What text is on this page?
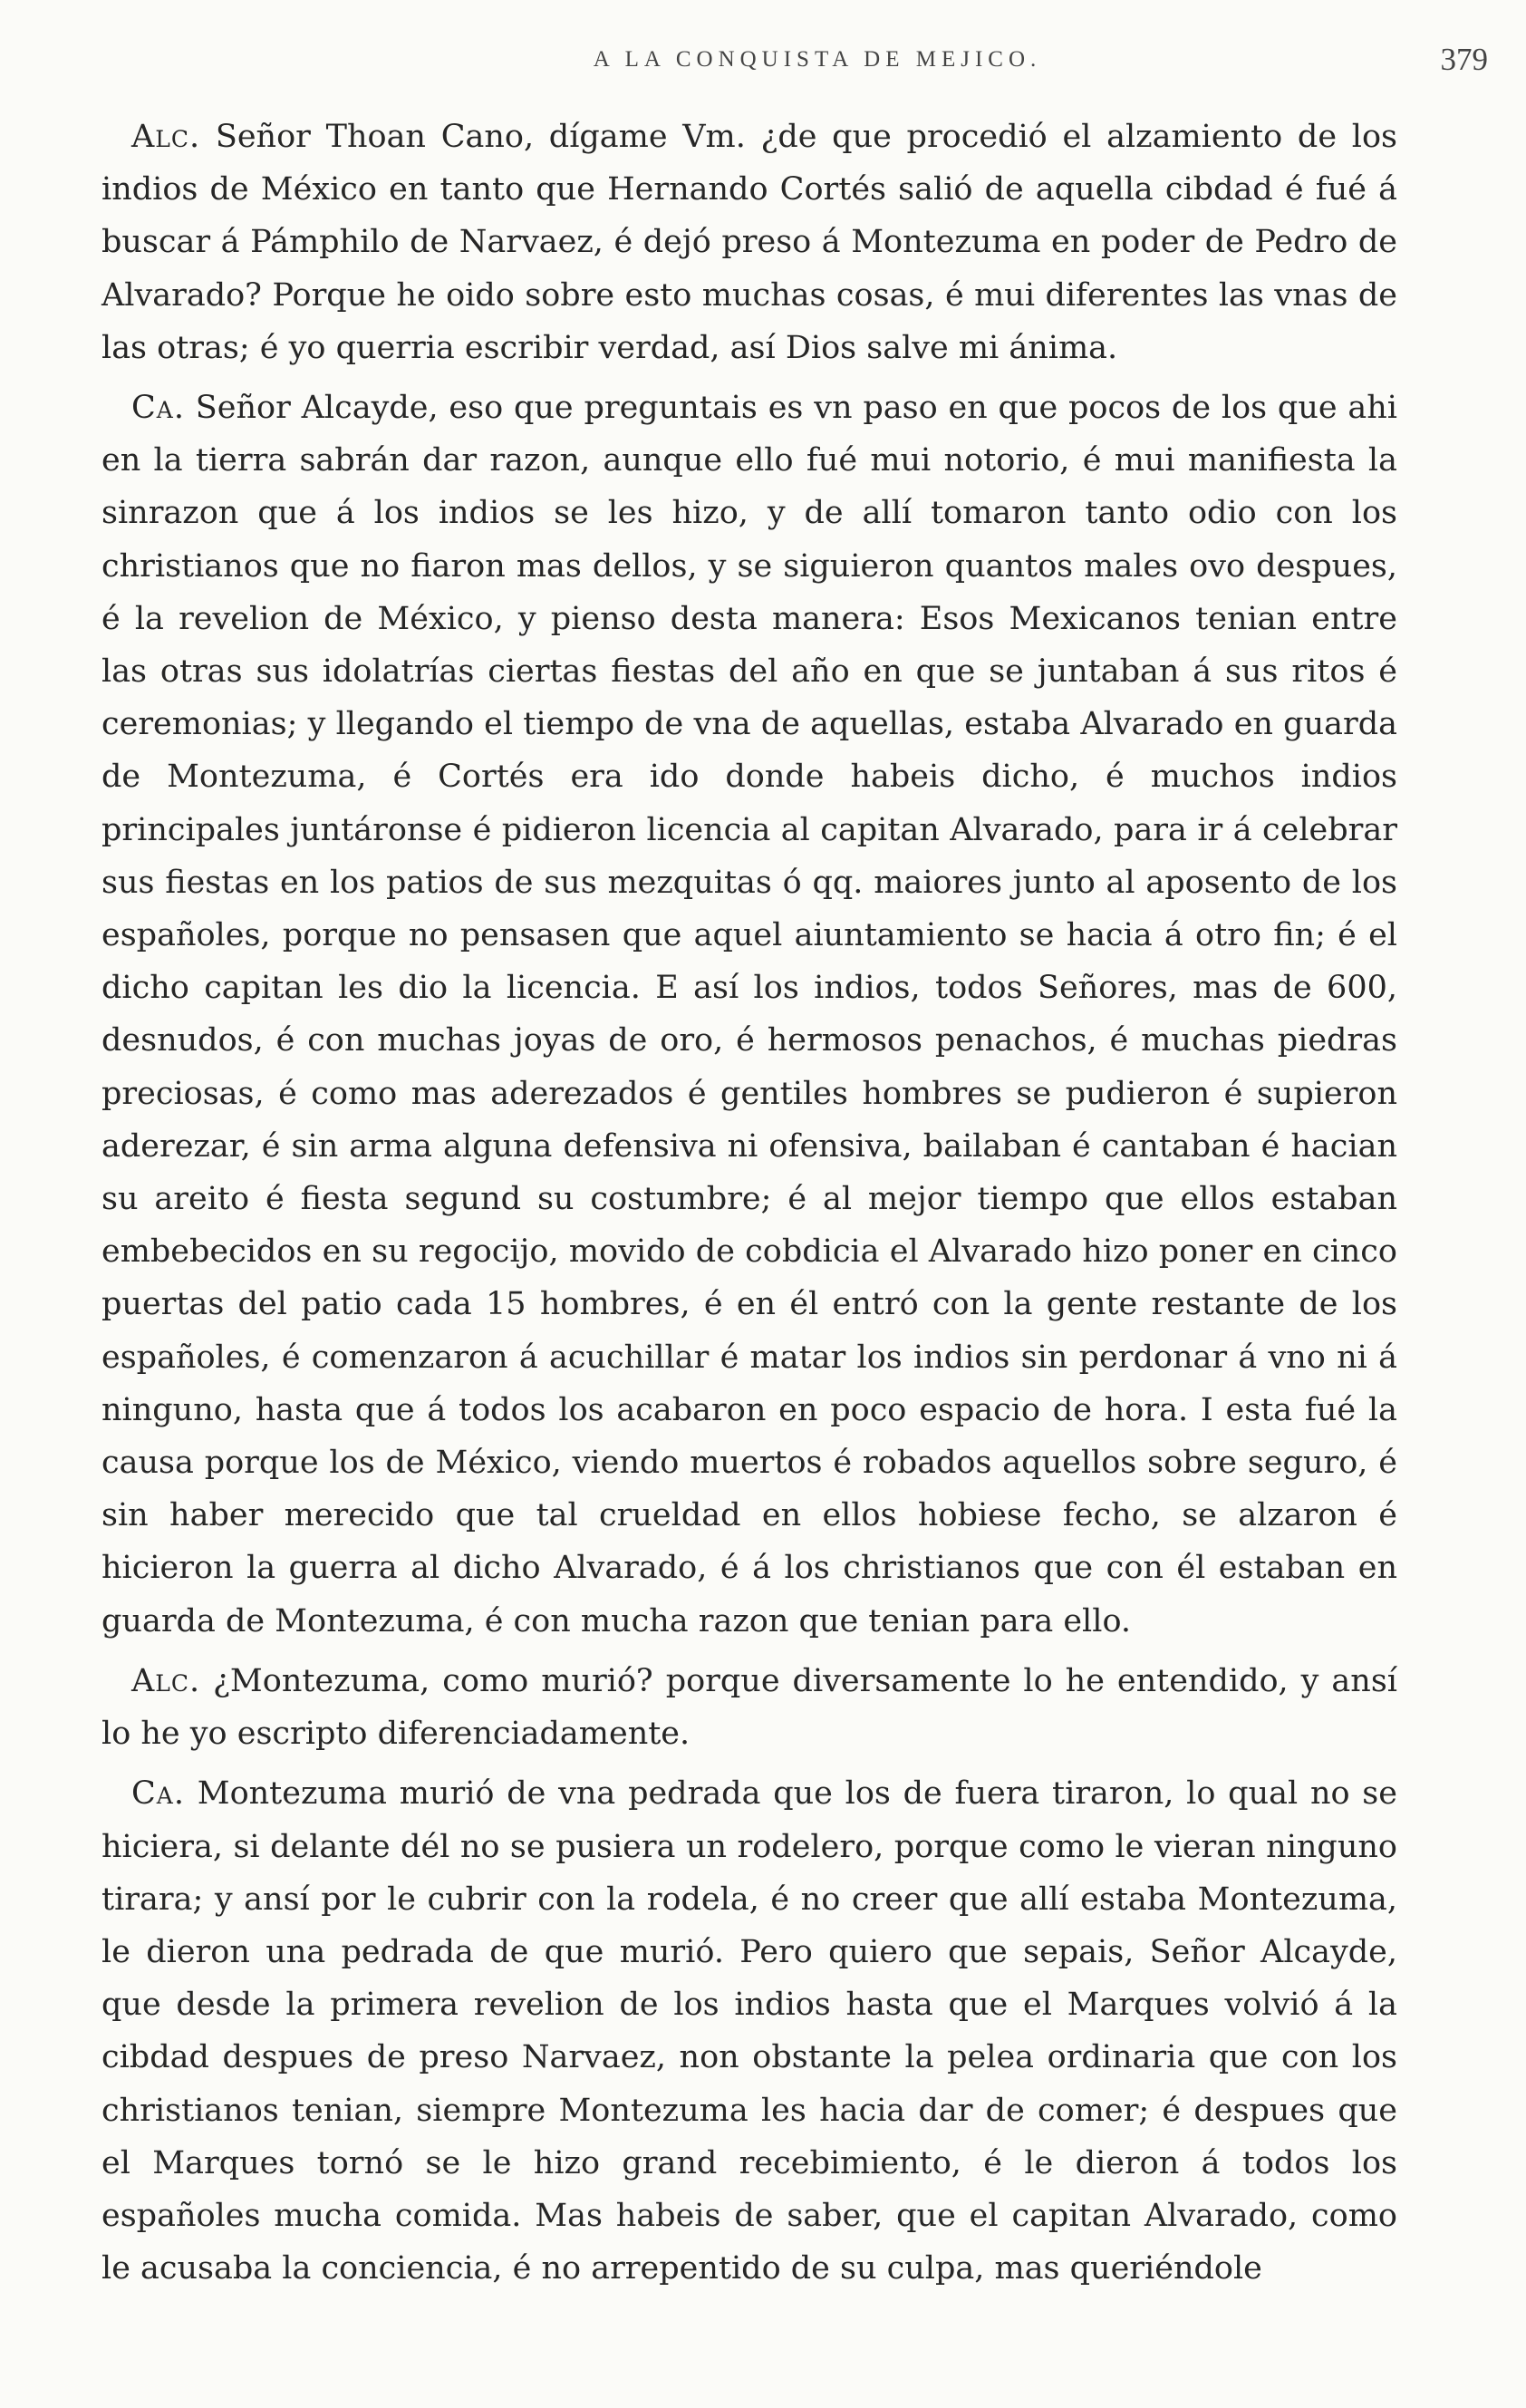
A LA CONQUISTA DE MEJICO.	379

Alc. Señor Thoan Cano, dígame Vm. ¿de que procedió el alzamiento de los indios de México en tanto que Hernando Cortés salió de aquella cibdad é fué á buscar á Pámphilo de Narvaez, é dejó preso á Montezuma en poder de Pedro de Alvarado? Porque he oido sobre esto muchas cosas, é mui diferentes las vnas de las otras; é yo querria escribir verdad, así Dios salve mi ánima.

Ca. Señor Alcayde, eso que preguntais es vn paso en que pocos de los que ahi en la tierra sabrán dar razon, aunque ello fué mui notorio, é mui manifiesta la sinrazon que á los indios se les hizo, y de allí tomaron tanto odio con los christianos que no fiaron mas dellos, y se siguieron quantos males ovo despues, é la revelion de México, y pienso desta manera: Esos Mexicanos tenian entre las otras sus idolatrías ciertas fiestas del año en que se juntaban á sus ritos é ceremonias; y llegando el tiempo de vna de aquellas, estaba Alvarado en guarda de Montezuma, é Cortés era ido donde habeis dicho, é muchos indios principales juntáronse é pidieron licencia al capitan Alvarado, para ir á celebrar sus fiestas en los patios de sus mezquitas ó qq. maiores junto al aposento de los españoles, porque no pensasen que aquel aiuntamiento se hacia á otro fin; é el dicho capitan les dio la licencia. E así los indios, todos Señores, mas de 600, desnudos, é con muchas joyas de oro, é hermosos penachos, é muchas piedras preciosas, é como mas aderezados é gentiles hombres se pudieron é supieron aderezar, é sin arma alguna defensiva ni ofensiva, bailaban é cantaban é hacian su areito é fiesta segund su costumbre; é al mejor tiempo que ellos estaban embebecidos en su regocijo, movido de cobdicia el Alvarado hizo poner en cinco puertas del patio cada 15 hombres, é en él entró con la gente restante de los españoles, é comenzaron á acuchillar é matar los indios sin perdonar á vno ni á ninguno, hasta que á todos los acabaron en poco espacio de hora. I esta fué la causa porque los de México, viendo muertos é robados aquellos sobre seguro, é sin haber merecido que tal crueldad en ellos hobiese fecho, se alzaron é hicieron la guerra al dicho Alvarado, é á los christianos que con él estaban en guarda de Montezuma, é con mucha razon que tenian para ello.

Alc. ¿Montezuma, como murió? porque diversamente lo he entendido, y ansí lo he yo escripto diferenciadamente.

Ca. Montezuma murió de vna pedrada que los de fuera tiraron, lo qual no se hiciera, si delante dél no se pusiera un rodelero, porque como le vieran ninguno tirara; y ansí por le cubrir con la rodela, é no creer que allí estaba Montezuma, le dieron una pedrada de que murió. Pero quiero que sepais, Señor Alcayde, que desde la primera revelion de los indios hasta que el Marques volvió á la cibdad despues de preso Narvaez, non obstante la pelea ordinaria que con los christianos tenian, siempre Montezuma les hacia dar de comer; é despues que el Marques tornó se le hizo grand recebimiento, é le dieron á todos los españoles mucha comida. Mas habeis de saber, que el capitan Alvarado, como le acusaba la conciencia, é no arrepentido de su culpa, mas queriéndole
